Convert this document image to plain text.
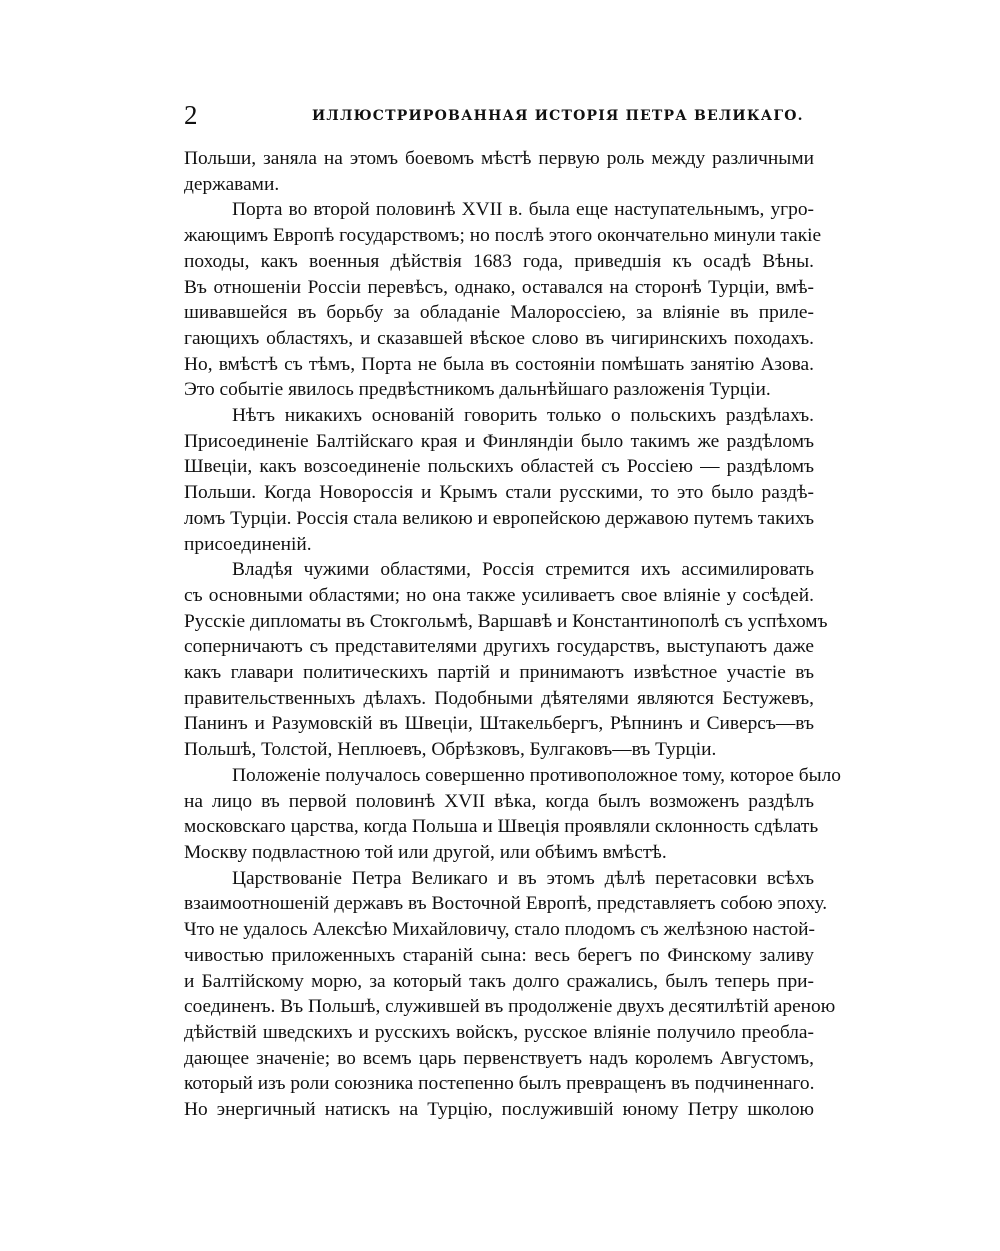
2	ИЛЛЮСТРИРОВАННАЯ ИСТОРІЯ ПЕТРА ВЕЛИКАГО.
Польши, заняла на этомъ боевомъ мѣстѣ первую роль между различными
державами.
Порта во второй половинѣ XVII в. была еще наступательнымъ, угро-
жающимъ Европѣ государствомъ; но послѣ этого окончательно минули такіе
походы, какъ военныя дѣйствія 1683 года, приведшія къ осадѣ Вѣны.
Въ отношеніи Россіи перевѣсъ, однако, оставался на сторонѣ Турціи, вмѣ-
шивавшейся въ борьбу за обладаніе Малороссіею, за вліяніе въ прилe-
гающихъ областяхъ, и сказавшей вѣское слово въ чигиринскихъ походахъ.
Но, вмѣстѣ съ тѣмъ, Порта не была въ состояніи помѣшать занятію Азова.
Это событіе явилось предвѣстникомъ дальнѣйшаго разложенія Турціи.
Нѣтъ никакихъ основаній говорить только о польскихъ раздѣлахъ.
Присоединеніе Балтійскаго края и Финляндіи было такимъ же раздѣломъ
Швеціи, какъ возсоединеніе польскихъ областей съ Россіею — раздѣломъ
Польши. Когда Новороссія и Крымъ стали русскими, то это было раздѣ-
ломъ Турціи. Россія стала великою и европейскою державою путемъ такихъ
присоединеній.
Владѣя чужими областями, Россія стремится ихъ ассимилировать
съ основными областями; но она также усиливаетъ свое вліяніе у сосѣдей.
Русскіе дипломаты въ Стокгольмѣ, Варшавѣ и Константинополѣ съ успѣхомъ
соперничаютъ съ представителями другихъ государствъ, выступаютъ даже
какъ главари политическихъ партій и принимаютъ извѣстное участіе въ
правительственныхъ дѣлахъ. Подобными дѣятелями являются Бестужевъ,
Панинъ и Разумовскій въ Швеціи, Штакельбергъ, Рѣпнинъ и Сиверсъ—въ
Польшѣ, Толстой, Неплюевъ, Обрѣзковъ, Булгаковъ—въ Турціи.
Положеніе получалось совершенно противоположное тому, которое было
на лицо въ первой половинѣ XVII вѣка, когда былъ возможенъ раздѣлъ
московскаго царства, когда Польша и Швеція проявляли склонность сдѣлать
Москву подвластною той или другой, или обѣимъ вмѣстѣ.
Царствованіе Петра Великаго и въ этомъ дѣлѣ перетасовки всѣхъ
взаимоотношеній державъ въ Восточной Европѣ, представляетъ собою эпоху.
Что не удалось Алексѣю Михайловичу, стало плодомъ съ желѣзною настой-
чивостью приложенныхъ стараній сына: весь берегъ по Финскому заливу
и Балтійскому морю, за который такъ долго сражались, былъ теперь при-
соединенъ. Въ Польшѣ, служившей въ продолженіе двухъ десятилѣтій ареною
дѣйствій шведскихъ и русскихъ войскъ, русское вліяніе получило преобла-
дающее значеніе; во всемъ царь первенствуетъ надъ королемъ Августомъ,
который изъ роли союзника постепенно былъ превращенъ въ подчиненнаго.
Но энергичный натискъ на Турцію, послужившій юному Петру школою
